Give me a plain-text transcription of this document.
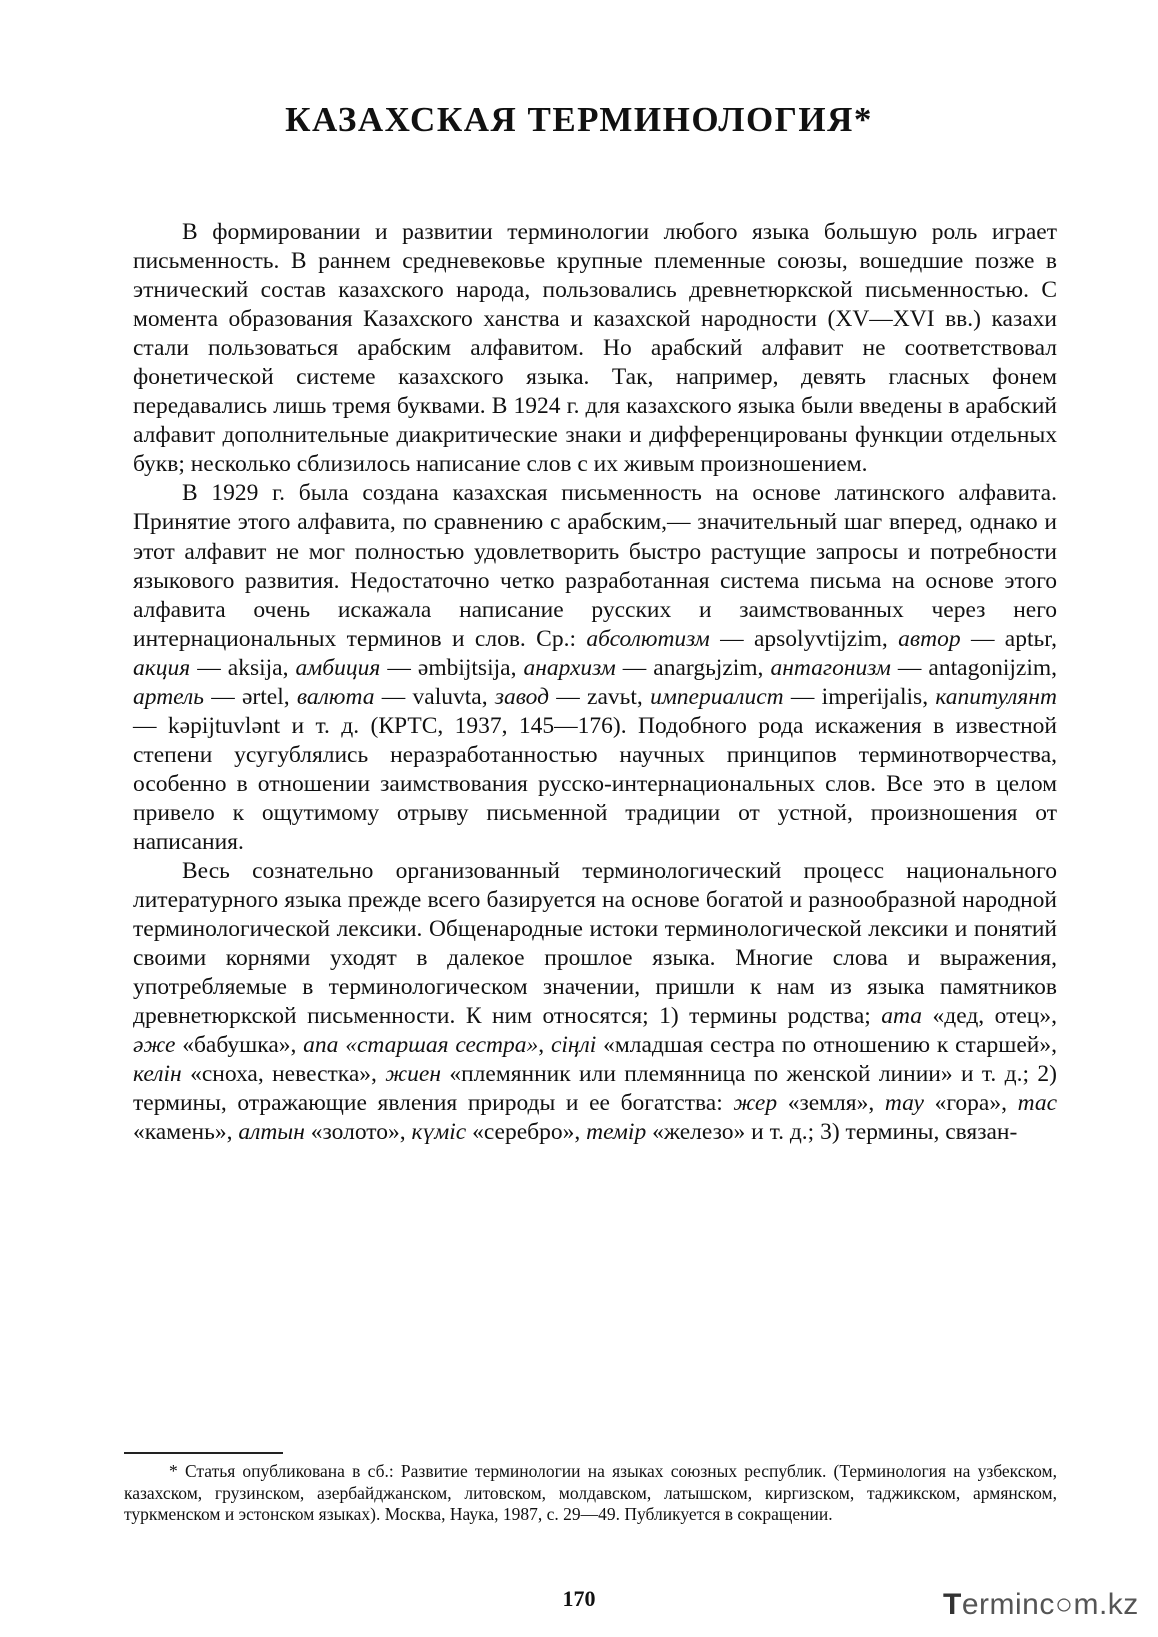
КАЗАХСКАЯ ТЕРМИНОЛОГИЯ*

В формировании и развитии терминологии любого языка большую роль играет письменность. В раннем средневековье крупные племенные союзы, вошедшие позже в этнический состав казахского народа, пользовались древнетюркской письменностью. С момента образования Казахского ханства и казахской народности (XV—XVI вв.) казахи стали пользоваться арабским алфавитом. Но арабский алфавит не соответствовал фонетической системе казахского языка. Так, например, девять гласных фонем передавались лишь тремя буквами. В 1924 г. для казахского языка были введены в арабский алфавит дополнительные диакритические знаки и дифференцированы функции отдельных букв; несколько сблизилось написание слов с их живым произношением.

В 1929 г. была создана казахская письменность на основе латинского алфавита. Принятие этого алфавита, по сравнению с арабским,— значительный шаг вперед, однако и этот алфавит не мог полностью удовлетворить быстро растущие запросы и потребности языкового развития. Недостаточно четко разработанная система письма на основе этого алфавита очень искажала написание русских и заимствованных через него интернациональных терминов и слов. Ср.: абсолютизм — apsolyvtijzim, автор — aptьr, акция — aksija, амбиция — əmbijtsija, анархизм — anargьjzim, антагонизм — antagonijzim, артель — ərtel, валюта — valuvta, завод — zavьt, империалист — imperijalis, капитулянт — kəpijtuvlənt и т. д. (КРТС, 1937, 145—176). Подобного рода искажения в известной степени усугублялись неразработанностью научных принципов терминотворчества, особенно в отношении заимствования русско-интернациональных слов. Все это в целом привело к ощутимому отрыву письменной традиции от устной, произношения от написания.

Весь сознательно организованный терминологический процесс национального литературного языка прежде всего базируется на основе богатой и разнообразной народной терминологической лексики. Общенародные истоки терминологической лексики и понятий своими корнями уходят в далекое прошлое языка. Многие слова и выражения, употребляемые в терминологическом значении, пришли к нам из языка памятников древнетюркской письменности. К ним относятся; 1) термины родства; ата «дед, отец», әже «бабушка», апа «старшая сестра», сіңлі «младшая сестра по отношению к старшей», келін «сноха, невестка», жиен «племянник или племянница по женской линии» и т. д.; 2) термины, отражающие явления природы и ее богатства: жер «земля», тау «гора», тас «камень», алтын «золото», күміс «серебро», темір «железо» и т. д.; 3) термины, связан-

* Статья опубликована в сб.: Развитие терминологии на языках союзных республик. (Терминология на узбекском, казахском, грузинском, азербайджанском, литовском, молдавском, латышском, киргизском, таджикском, армянском, туркменском и эстонском языках). Москва, Наука, 1987, с. 29—49. Публикуется в сокращении.

170	Terminc○m.kz
